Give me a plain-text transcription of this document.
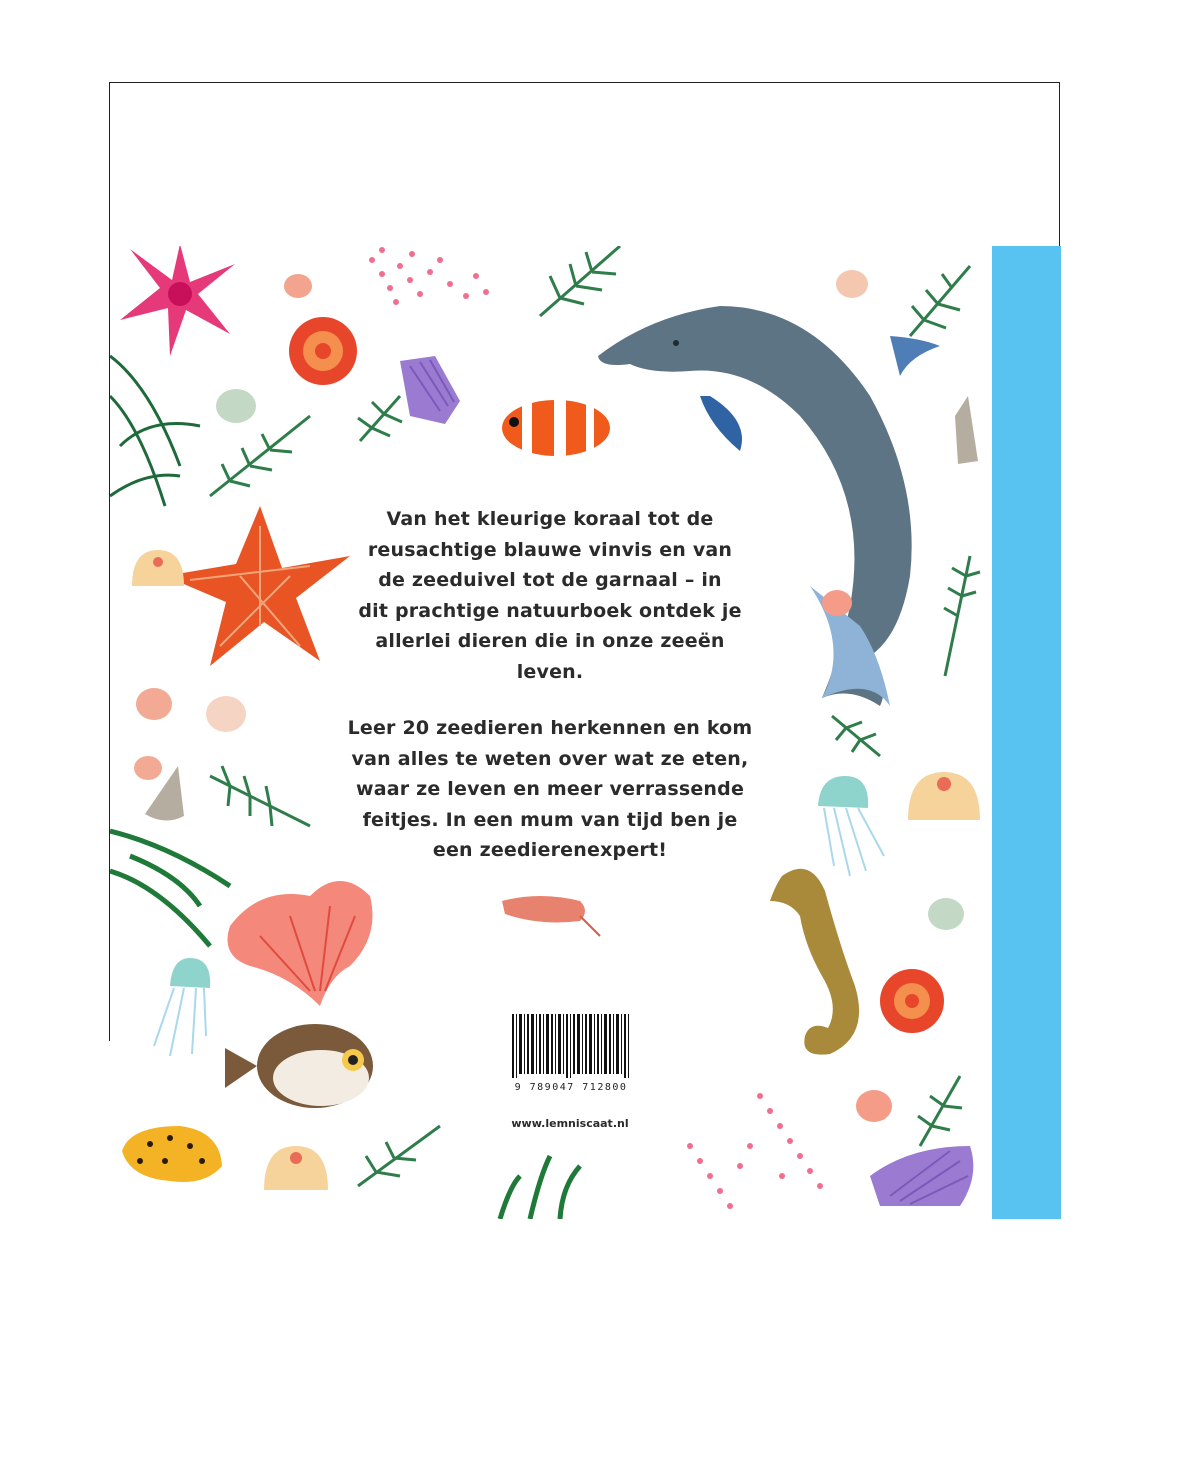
Van het kleurige koraal tot de
reusachtige blauwe vinvis en van
de zeeduivel tot de garnaal – in
dit prachtige natuurboek ontdek je
allerlei dieren die in onze zeeën leven.

Leer 20 zeedieren herkennen en kom
van alles te weten over wat ze eten,
waar ze leven en meer verrassende
feitjes. In een mum van tijd ben je
een zeedierenexpert!

9 789047 712800
www.lemniscaat.nl
